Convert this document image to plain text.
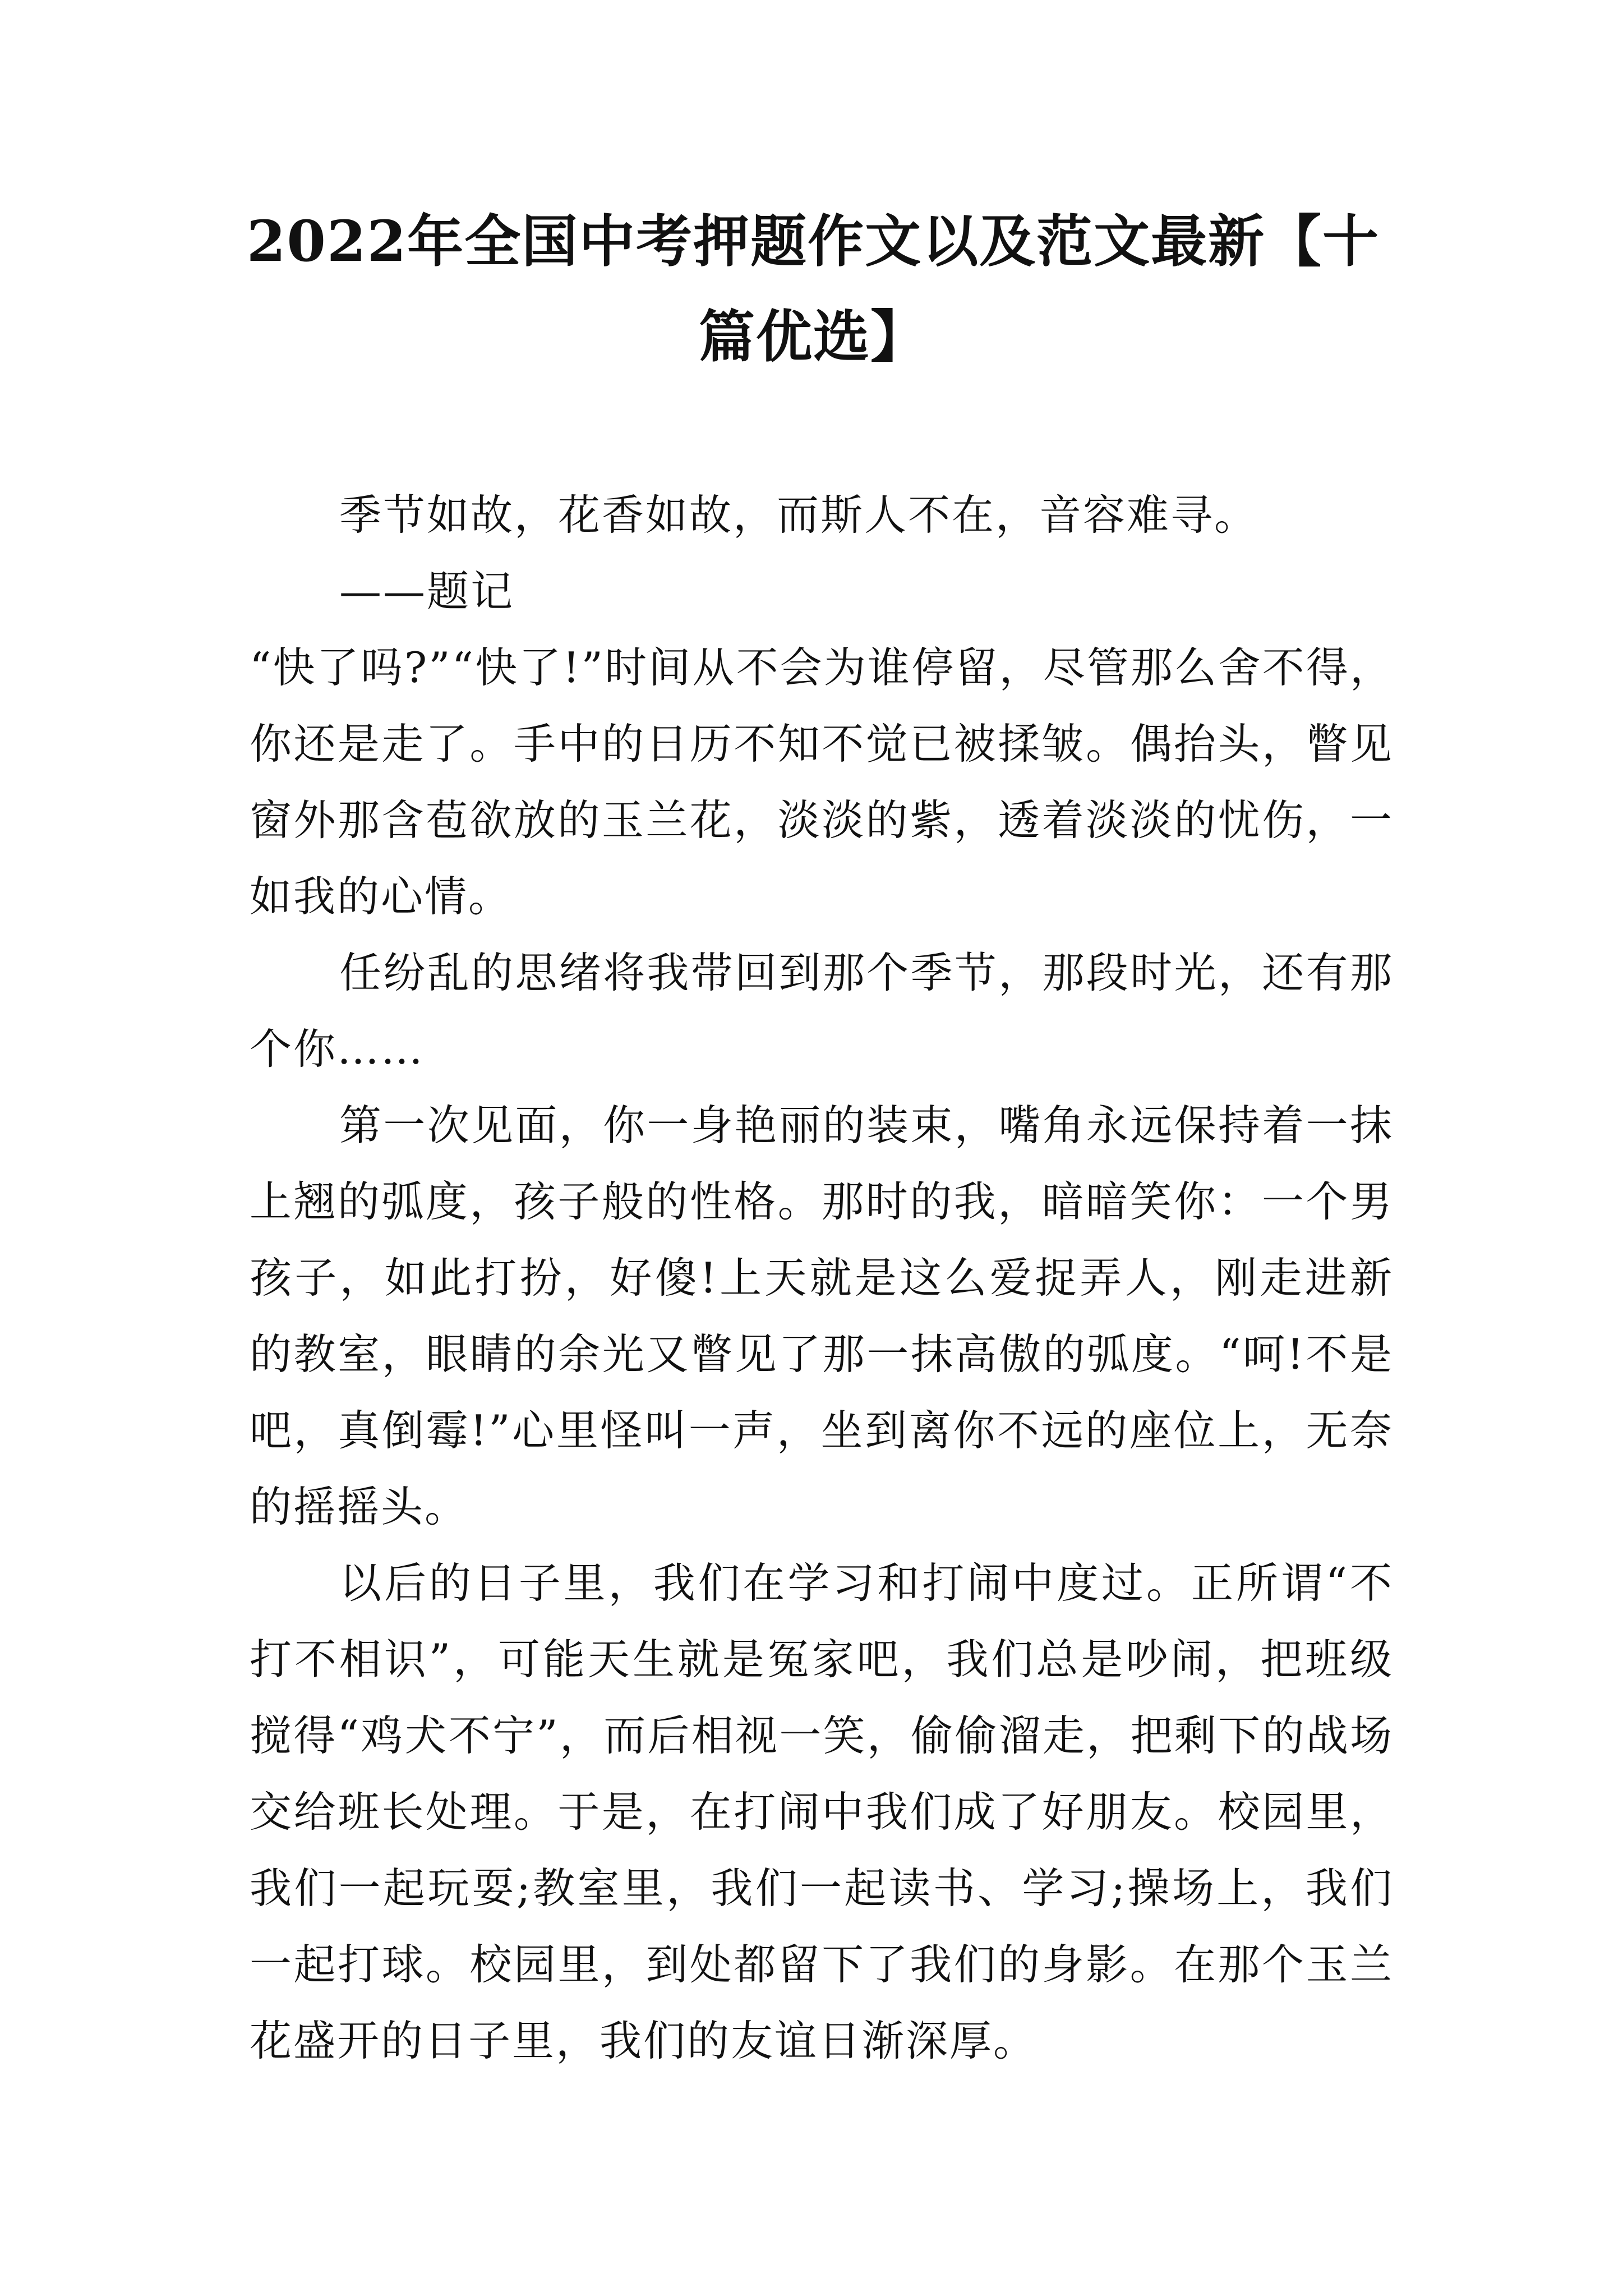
2022年全国中考押题作文以及范文最新【十篇优选】

季节如故，花香如故，而斯人不在，音容难寻。

——题记

“快了吗?”“快了!”时间从不会为谁停留，尽管那么舍不得，你还是走了。手中的日历不知不觉已被揉皱。偶抬头，瞥见窗外那含苞欲放的玉兰花，淡淡的紫，透着淡淡的忧伤，一如我的心情。

任纷乱的思绪将我带回到那个季节，那段时光，还有那个你……

第一次见面，你一身艳丽的装束，嘴角永远保持着一抹上翘的弧度，孩子般的性格。那时的我，暗暗笑你：一个男孩子，如此打扮，好傻!上天就是这么爱捉弄人，刚走进新的教室，眼睛的余光又瞥见了那一抹高傲的弧度。“呵!不是吧，真倒霉!”心里怪叫一声，坐到离你不远的座位上，无奈的摇摇头。

以后的日子里，我们在学习和打闹中度过。正所谓“不打不相识”，可能天生就是冤家吧，我们总是吵闹，把班级搅得“鸡犬不宁”，而后相视一笑，偷偷溜走，把剩下的战场交给班长处理。于是，在打闹中我们成了好朋友。校园里，我们一起玩耍;教室里，我们一起读书、学习;操场上，我们一起打球。校园里，到处都留下了我们的身影。在那个玉兰花盛开的日子里，我们的友谊日渐深厚。
